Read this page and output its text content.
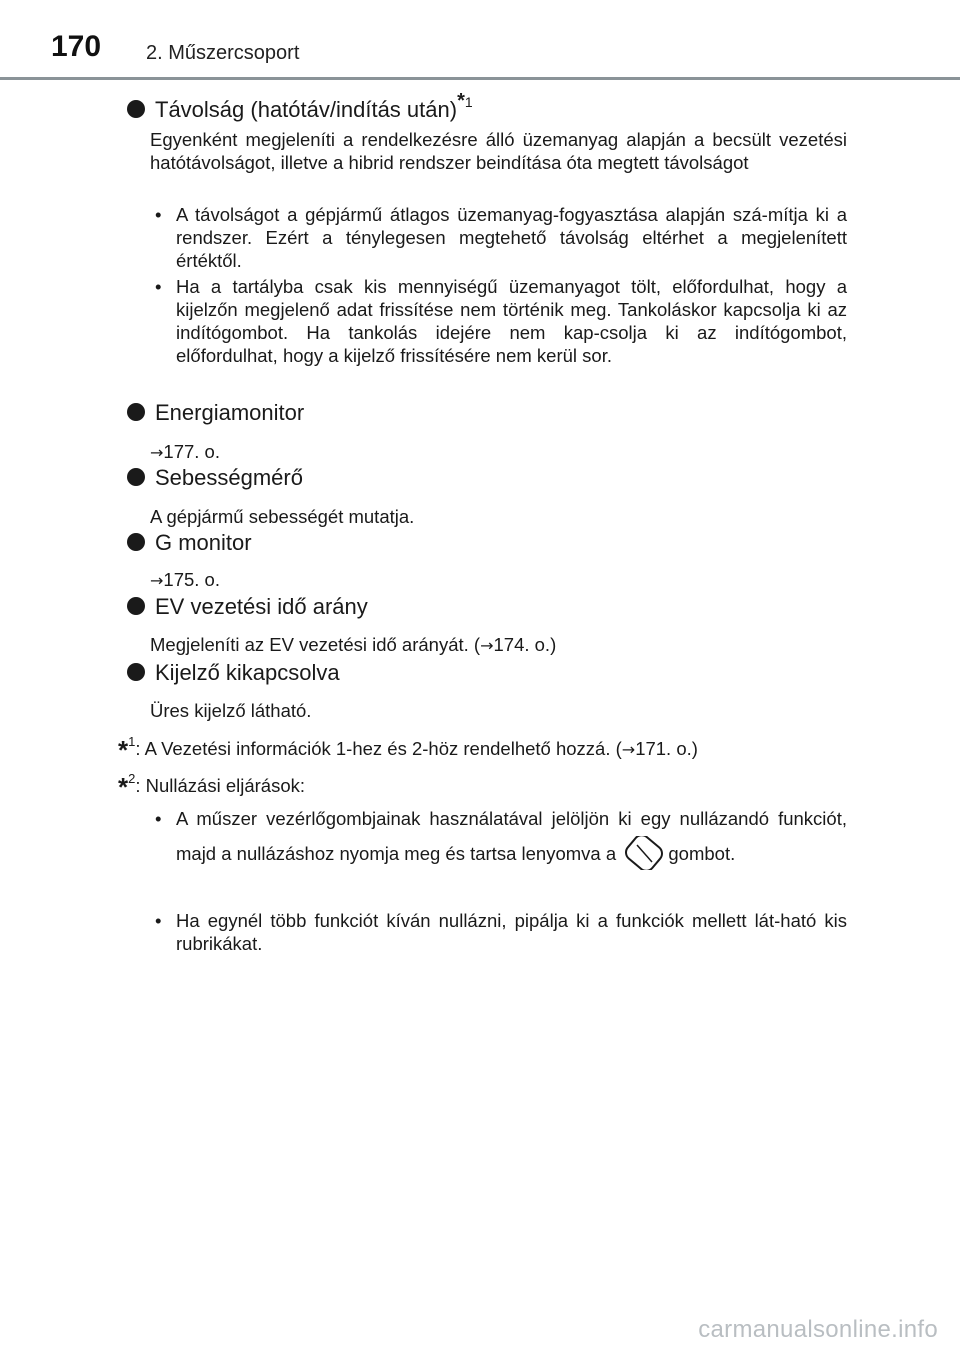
170 2. Műszercsoport
Távolság (hatótáv/indítás után)$^{*1}$
Egyenként megjeleníti a rendelkezésre álló üzemanyag alapján a becsült vezetési hatótávolságot, illetve a hibrid rendszer beindítása óta megtett távolságot
• A távolságot a gépjármű átlagos üzemanyag-fogyasztása alapján szá-mítja ki a rendszer. Ezért a ténylegesen megtehető távolság eltérhet a megjelenített értéktől.
• Ha a tartályba csak kis mennyiségű üzemanyagot tölt, előfordulhat, hogy a kijelzőn megjelenő adat frissítése nem történik meg. Tankoláskor kapcsolja ki az indítógombot. Ha tankolás idejére nem kap-csolja ki az indítógombot, előfordulhat, hogy a kijelző frissítésére nem kerül sor.
Energiamonitor
→177. o.
Sebességmérő
A gépjármű sebességét mutatja.
G monitor
→175. o.
EV vezetési idő arány
Megjeleníti az EV vezetési idő arányát. (→174. o.)
Kijelző kikapcsolva
Üres kijelző látható.
*$^1$: A Vezetési információk 1-hez és 2-höz rendelhető hozzá. (→171. o.)
*$^2$: Nullázási eljárások:
• A műszer vezérlőgombjainak használatával jelöljön ki egy nullázandó funkciót, majd a nullázáshoz nyomja meg és tartsa lenyomva a	gombot.
• Ha egynél több funkciót kíván nullázni, pipálja ki a funkciók mellett lát-ható kis rubrikákat.
carmanualsonline.info
